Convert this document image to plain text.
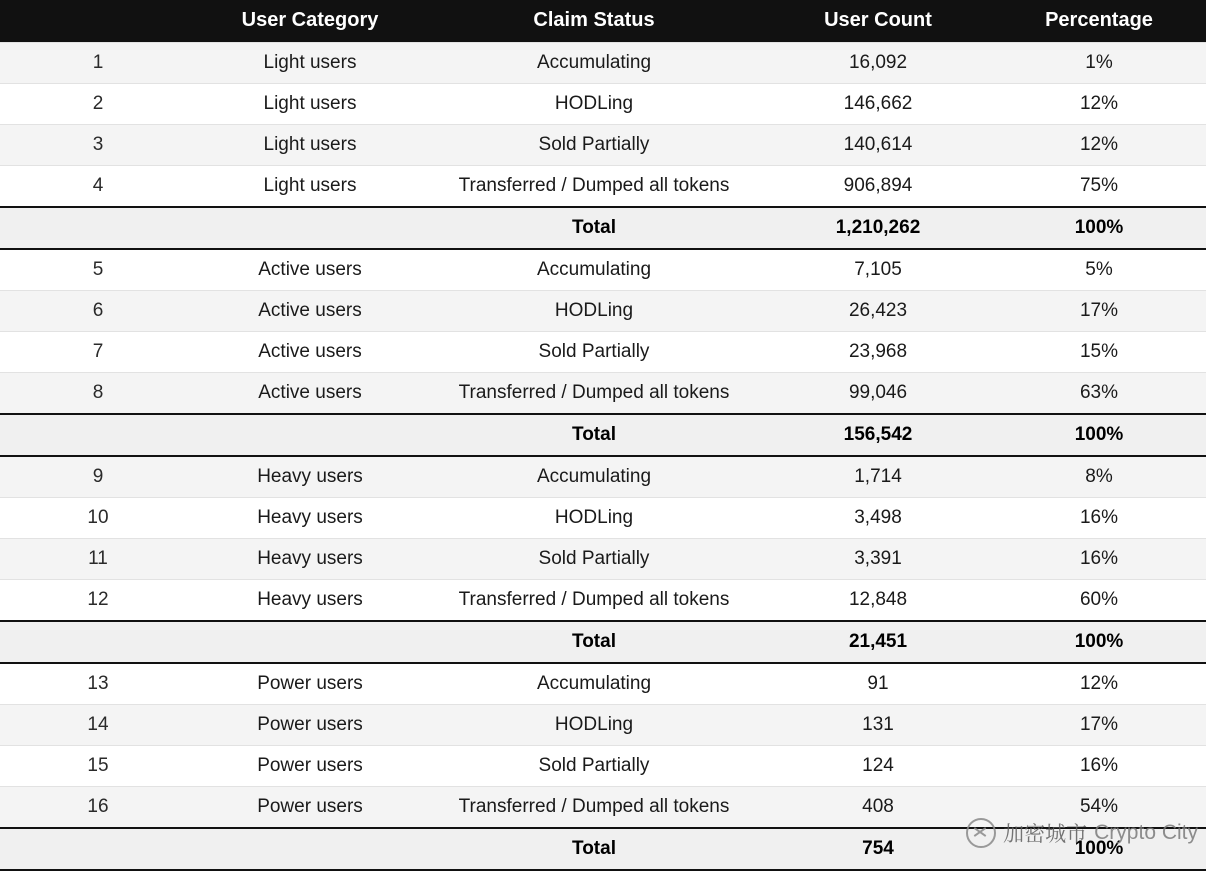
	User Category	Claim Status	User Count	Percentage
1	Light users	Accumulating	16,092	1%
2	Light users	HODLing	146,662	12%
3	Light users	Sold Partially	140,614	12%
4	Light users	Transferred / Dumped all tokens	906,894	75%
		Total	1,210,262	100%
5	Active users	Accumulating	7,105	5%
6	Active users	HODLing	26,423	17%
7	Active users	Sold Partially	23,968	15%
8	Active users	Transferred / Dumped all tokens	99,046	63%
		Total	156,542	100%
9	Heavy users	Accumulating	1,714	8%
10	Heavy users	HODLing	3,498	16%
11	Heavy users	Sold Partially	3,391	16%
12	Heavy users	Transferred / Dumped all tokens	12,848	60%
		Total	21,451	100%
13	Power users	Accumulating	91	12%
14	Power users	HODLing	131	17%
15	Power users	Sold Partially	124	16%
16	Power users	Transferred / Dumped all tokens	408	54%
		Total	754	100%
加密城市 Crypto City
